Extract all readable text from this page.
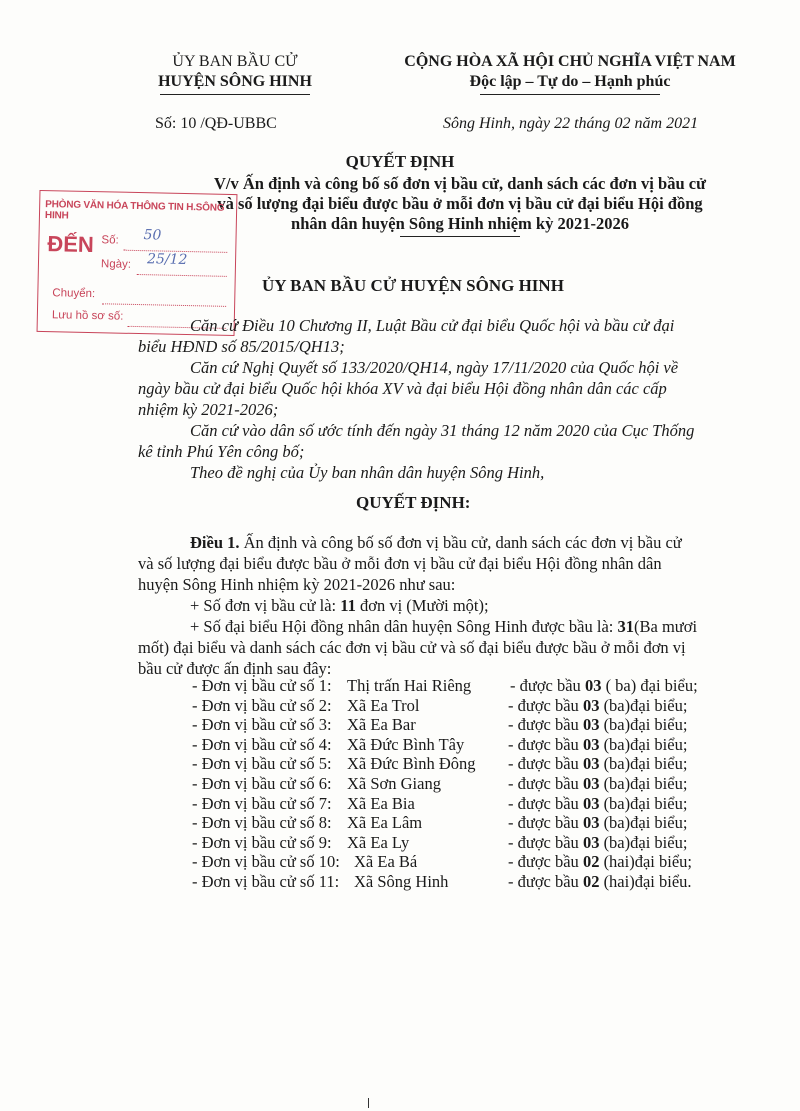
ỦY BAN BẦU CỬ
HUYỆN SÔNG HINH
Số: 10 /QĐ-UBBC
CỘNG HÒA XÃ HỘI CHỦ NGHĨA VIỆT NAM
Độc lập – Tự do – Hạnh phúc
Sông Hinh, ngày 22 tháng 02 năm 2021
QUYẾT ĐỊNH
V/v Ấn định và công bố số đơn vị bầu cử, danh sách các đơn vị bầu cử
và số lượng đại biểu được bầu ở mỗi đơn vị bầu cử đại biểu Hội đồng
nhân dân huyện Sông Hinh nhiệm kỳ 2021-2026
PHÒNG VĂN HÓA THÔNG TIN H.SÔNG HINH
ĐẾN Số: 50
Ngày: 25/12
Chuyển:
Lưu hồ sơ số:
ỦY BAN BẦU CỬ HUYỆN SÔNG HINH
Căn cứ Điều 10 Chương II, Luật Bầu cử đại biểu Quốc hội và bầu cử đại
biểu HĐND số 85/2015/QH13;
Căn cứ Nghị Quyết số 133/2020/QH14, ngày 17/11/2020 của Quốc hội về
ngày bầu cử đại biểu Quốc hội khóa XV và đại biểu Hội đồng nhân dân các cấp
nhiệm kỳ 2021-2026;
Căn cứ vào dân số ước tính đến ngày 31 tháng 12 năm 2020 của Cục Thống
kê tỉnh Phú Yên công bố;
Theo đề nghị của Ủy ban nhân dân huyện Sông Hinh,
QUYẾT ĐỊNH:
Điều 1. Ấn định và công bố số đơn vị bầu cử, danh sách các đơn vị bầu cử
và số lượng đại biểu được bầu ở mỗi đơn vị bầu cử đại biểu Hội đồng nhân dân
huyện Sông Hinh nhiệm kỳ 2021-2026 như sau:
+ Số đơn vị bầu cử là: 11 đơn vị (Mười một);
+ Số đại biểu Hội đồng nhân dân huyện Sông Hinh được bầu là: 31(Ba mươi
mốt) đại biểu và danh sách các đơn vị bầu cử và số đại biểu được bầu ở mỗi đơn vị
bầu cử được ấn định sau đây:
- Đơn vị bầu cử số 1: Thị trấn Hai Riêng - được bầu 03 ( ba) đại biểu;
- Đơn vị bầu cử số 2: Xã Ea Trol	- được bầu 03 (ba)đại biểu;
- Đơn vị bầu cử số 3: Xã Ea Bar	- được bầu 03 (ba)đại biểu;
- Đơn vị bầu cử số 4: Xã Đức Bình Tây	- được bầu 03 (ba)đại biểu;
- Đơn vị bầu cử số 5: Xã Đức Bình Đông - được bầu 03 (ba)đại biểu;
- Đơn vị bầu cử số 6: Xã Sơn Giang	- được bầu 03 (ba)đại biểu;
- Đơn vị bầu cử số 7: Xã Ea Bia	- được bầu 03 (ba)đại biểu;
- Đơn vị bầu cử số 8: Xã Ea Lâm	- được bầu 03 (ba)đại biểu;
- Đơn vị bầu cử số 9: Xã Ea Ly	- được bầu 03 (ba)đại biểu;
- Đơn vị bầu cử số 10: Xã Ea Bá	- được bầu 02 (hai)đại biểu;
- Đơn vị bầu cử số 11: Xã Sông Hinh	- được bầu 02 (hai)đại biểu.
